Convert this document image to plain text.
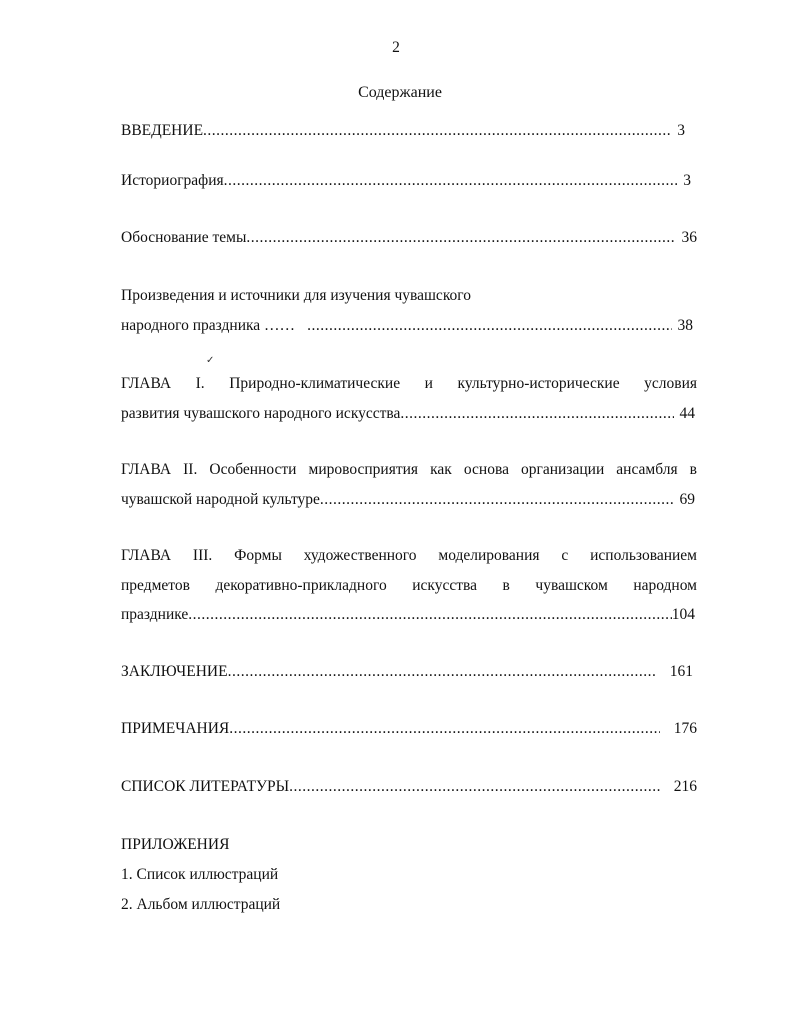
2
Содержание
ВВЕДЕНИЕ .....	3
Историография .....	3
Обоснование темы .....	36
Произведения и источники для изучения чувашского
народного праздника …… .....	38
✓
ГЛАВА I. Природно-климатические и культурно-исторические условия
развития чувашского народного искусства .....	44
ГЛАВА II. Особенности мировосприятия как основа организации ансамбля в
чувашской народной культуре .....	69
ГЛАВА III. Формы художественного моделирования с использованием
предметов декоративно-прикладного искусства в чувашском народном
празднике .....	104
ЗАКЛЮЧЕНИЕ .....	161
ПРИМЕЧАНИЯ .....	176
СПИСОК ЛИТЕРАТУРЫ .....	216
ПРИЛОЖЕНИЯ
1. Список иллюстраций
2. Альбом иллюстраций
